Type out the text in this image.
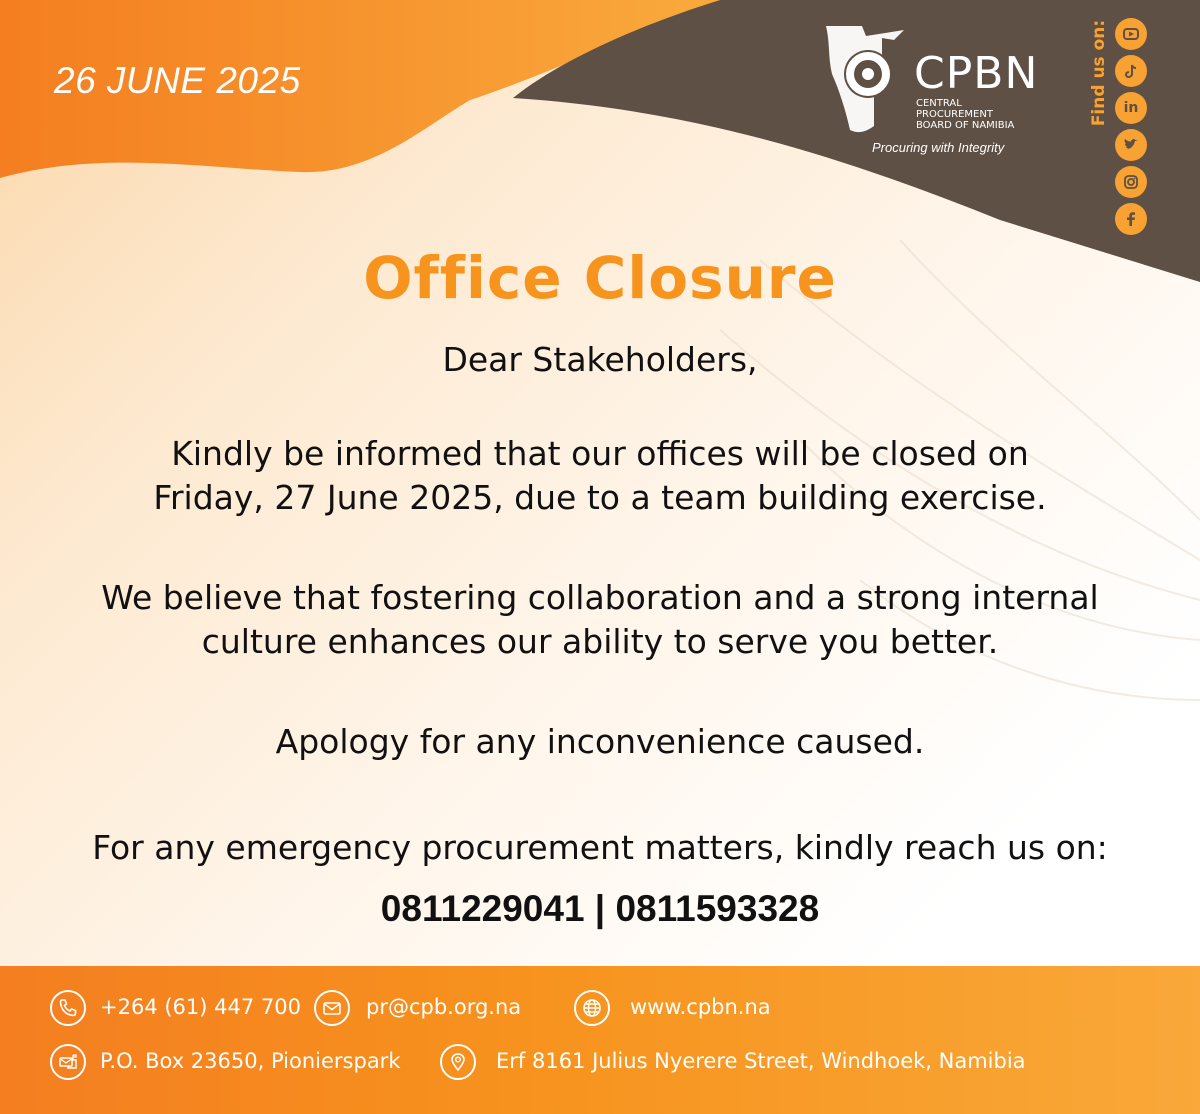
26 JUNE 2025	CPBN
CENTRAL
PROCUREMENT
BOARD OF NAMIBIA
Procuring with Integrity
Find us on:	in
Office Closure
Dear Stakeholders,
Kindly be informed that our offices will be closed on
Friday, 27 June 2025, due to a team building exercise.
We believe that fostering collaboration and a strong internal
culture enhances our ability to serve you better.
Apology for any inconvenience caused.
For any emergency procurement matters, kindly reach us on:
0811229041 | 0811593328
+264 (61) 447 700	pr@cpb.org.na	www.cpbn.na
P.O. Box 23650, Pionierspark	Erf 8161 Julius Nyerere Street, Windhoek, Namibia
